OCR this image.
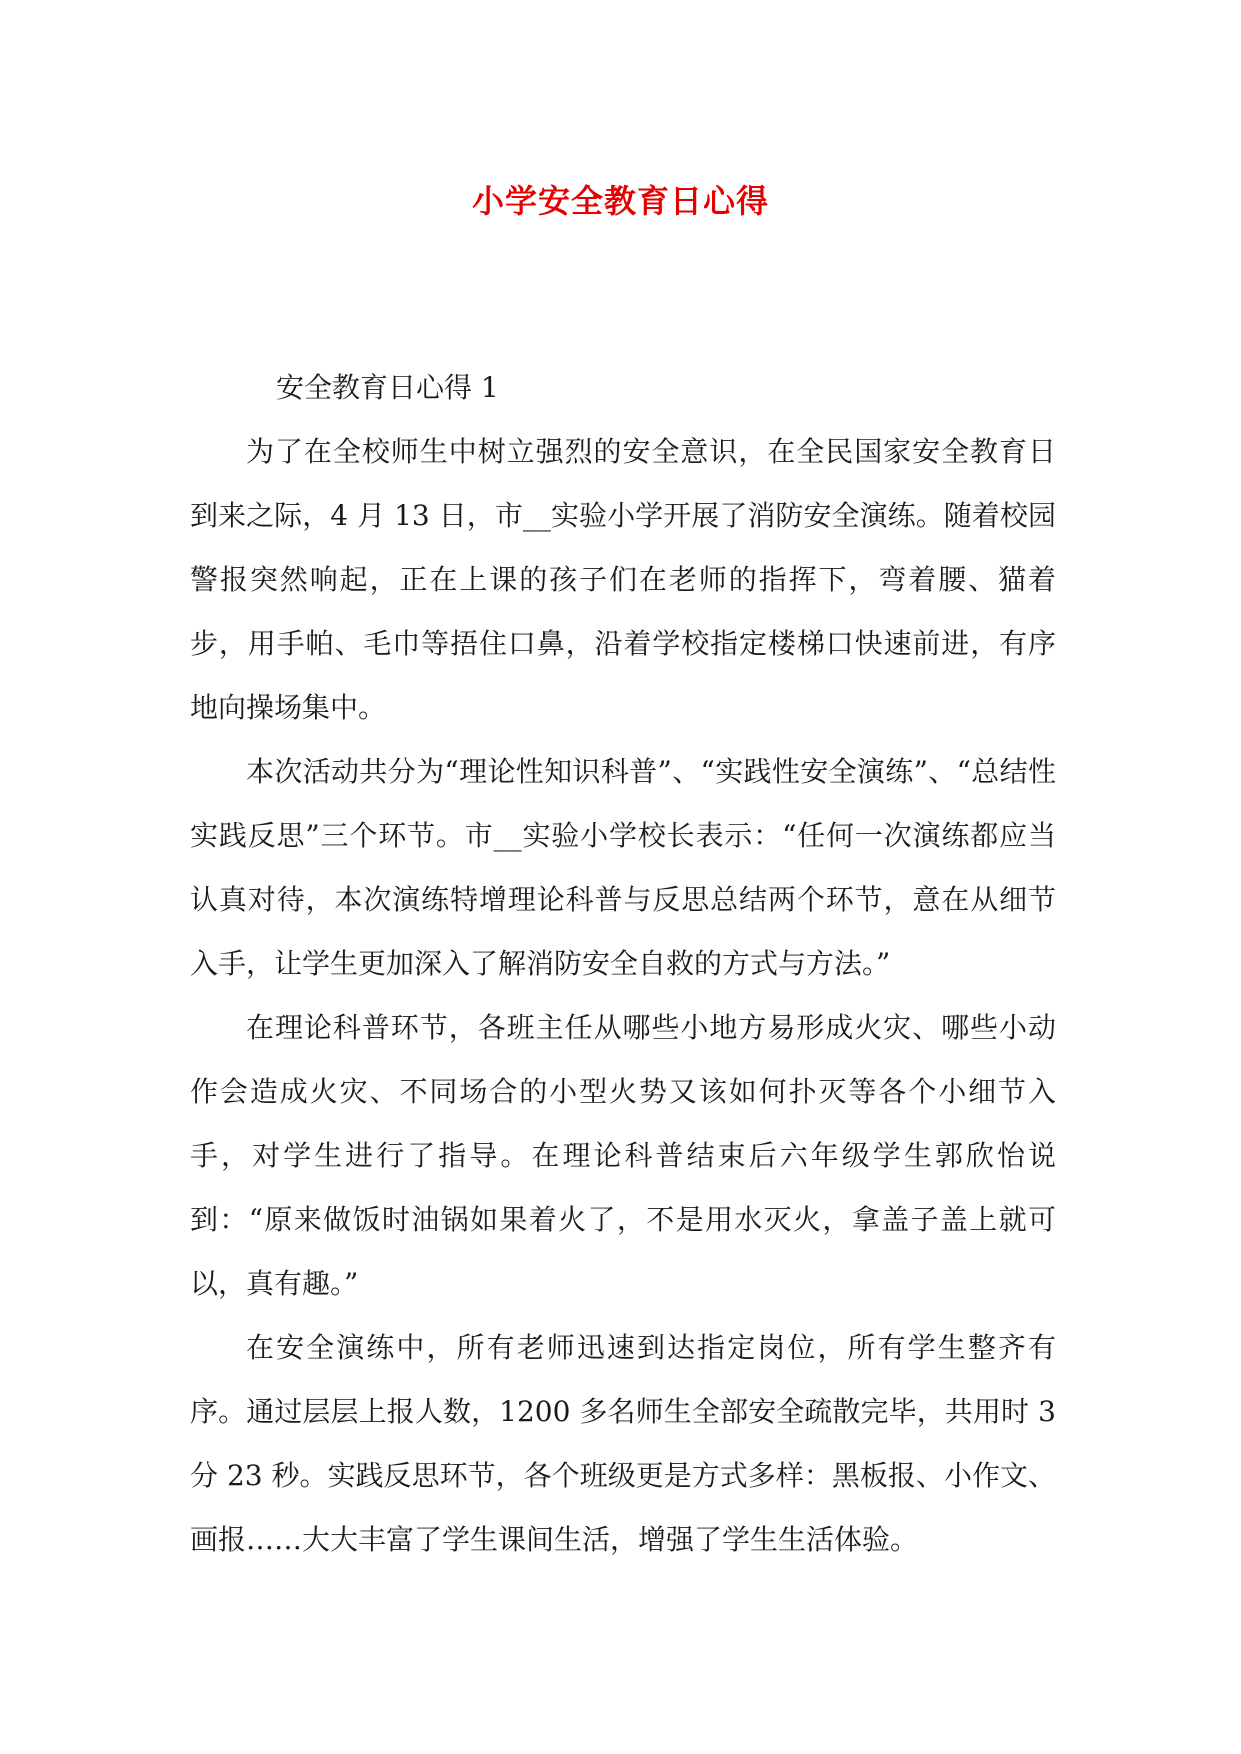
小学安全教育日心得
安全教育日心得 1

为了在全校师生中树立强烈的安全意识，在全民国家安全教育日到来之际，4 月 13 日，市__实验小学开展了消防安全演练。随着校园警报突然响起，正在上课的孩子们在老师的指挥下，弯着腰、猫着步，用手帕、毛巾等捂住口鼻，沿着学校指定楼梯口快速前进，有序地向操场集中。

本次活动共分为“理论性知识科普”、“实践性安全演练”、“总结性实践反思”三个环节。市__实验小学校长表示：“任何一次演练都应当认真对待，本次演练特增理论科普与反思总结两个环节，意在从细节入手，让学生更加深入了解消防安全自救的方式与方法。”

在理论科普环节，各班主任从哪些小地方易形成火灾、哪些小动作会造成火灾、不同场合的小型火势又该如何扑灭等各个小细节入手，对学生进行了指导。在理论科普结束后六年级学生郭欣怡说到：“原来做饭时油锅如果着火了，不是用水灭火，拿盖子盖上就可以，真有趣。”

在安全演练中，所有老师迅速到达指定岗位，所有学生整齐有序。通过层层上报人数，1200 多名师生全部安全疏散完毕，共用时 3 分 23 秒。实践反思环节，各个班级更是方式多样：黑板报、小作文、画报……大大丰富了学生课间生活，增强了学生生活体验。
